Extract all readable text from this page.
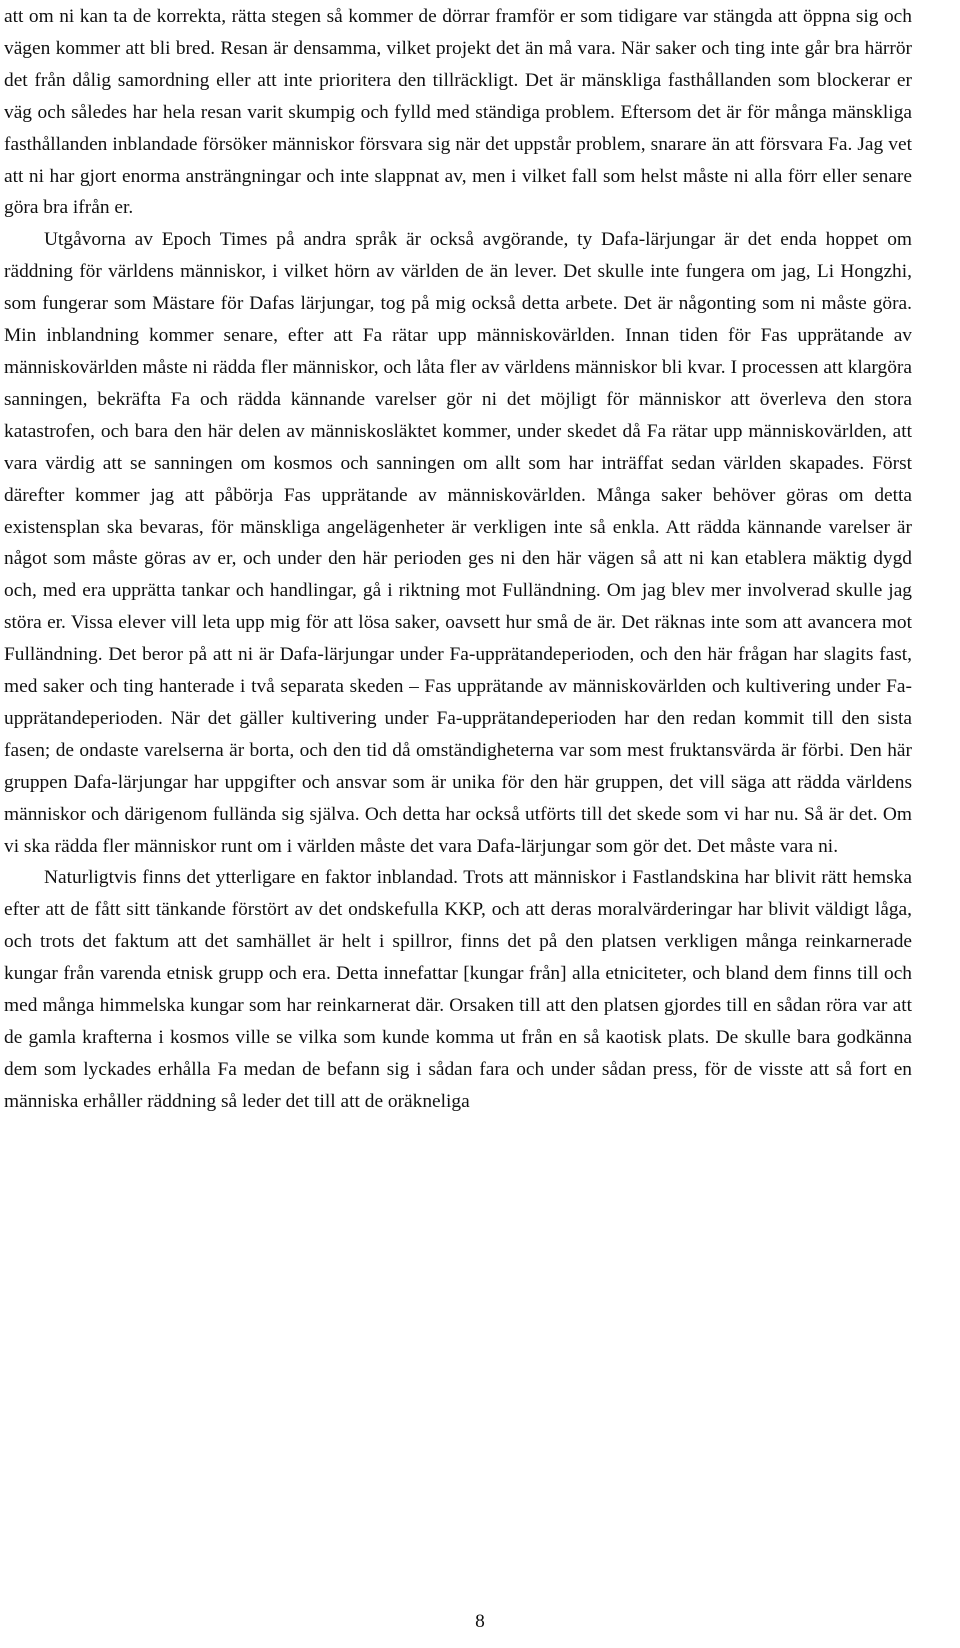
att om ni kan ta de korrekta, rätta stegen så kommer de dörrar framför er som tidigare var stängda att öppna sig och vägen kommer att bli bred. Resan är densamma, vilket projekt det än må vara. När saker och ting inte går bra härrör det från dålig samordning eller att inte prioritera den tillräckligt. Det är mänskliga fasthållanden som blockerar er väg och således har hela resan varit skumpig och fylld med ständiga problem. Eftersom det är för många mänskliga fasthållanden inblandade försöker människor försvara sig när det uppstår problem, snarare än att försvara Fa. Jag vet att ni har gjort enorma ansträngningar och inte slappnat av, men i vilket fall som helst måste ni alla förr eller senare göra bra ifrån er.

Utgåvorna av Epoch Times på andra språk är också avgörande, ty Dafa-lärjungar är det enda hoppet om räddning för världens människor, i vilket hörn av världen de än lever. Det skulle inte fungera om jag, Li Hongzhi, som fungerar som Mästare för Dafas lärjungar, tog på mig också detta arbete. Det är någonting som ni måste göra. Min inblandning kommer senare, efter att Fa rätar upp människovärlden. Innan tiden för Fas upprätande av människovärlden måste ni rädda fler människor, och låta fler av världens människor bli kvar. I processen att klargöra sanningen, bekräfta Fa och rädda kännande varelser gör ni det möjligt för människor att överleva den stora katastrofen, och bara den här delen av människosläktet kommer, under skedet då Fa rätar upp människovärlden, att vara värdig att se sanningen om kosmos och sanningen om allt som har inträffat sedan världen skapades. Först därefter kommer jag att påbörja Fas upprätande av människovärlden. Många saker behöver göras om detta existensplan ska bevaras, för mänskliga angelägenheter är verkligen inte så enkla. Att rädda kännande varelser är något som måste göras av er, och under den här perioden ges ni den här vägen så att ni kan etablera mäktig dygd och, med era upprätta tankar och handlingar, gå i riktning mot Fulländning. Om jag blev mer involverad skulle jag störa er. Vissa elever vill leta upp mig för att lösa saker, oavsett hur små de är. Det räknas inte som att avancera mot Fulländning. Det beror på att ni är Dafa-lärjungar under Fa-upprätandeperioden, och den här frågan har slagits fast, med saker och ting hanterade i två separata skeden – Fas upprätande av människovärlden och kultivering under Fa-upprätandeperioden. När det gäller kultivering under Fa-upprätandeperioden har den redan kommit till den sista fasen; de ondaste varelserna är borta, och den tid då omständigheterna var som mest fruktansvärda är förbi. Den här gruppen Dafa-lärjungar har uppgifter och ansvar som är unika för den här gruppen, det vill säga att rädda världens människor och därigenom fullända sig själva. Och detta har också utförts till det skede som vi har nu. Så är det. Om vi ska rädda fler människor runt om i världen måste det vara Dafa-lärjungar som gör det. Det måste vara ni.

Naturligtvis finns det ytterligare en faktor inblandad. Trots att människor i Fastlandskina har blivit rätt hemska efter att de fått sitt tänkande förstört av det ondskefulla KKP, och att deras moralvärderingar har blivit väldigt låga, och trots det faktum att det samhället är helt i spillror, finns det på den platsen verkligen många reinkarnerade kungar från varenda etnisk grupp och era. Detta innefattar [kungar från] alla etniciteter, och bland dem finns till och med många himmelska kungar som har reinkarnerat där. Orsaken till att den platsen gjordes till en sådan röra var att de gamla krafterna i kosmos ville se vilka som kunde komma ut från en så kaotisk plats. De skulle bara godkänna dem som lyckades erhålla Fa medan de befann sig i sådan fara och under sådan press, för de visste att så fort en människa erhåller räddning så leder det till att de oräkneliga

8
